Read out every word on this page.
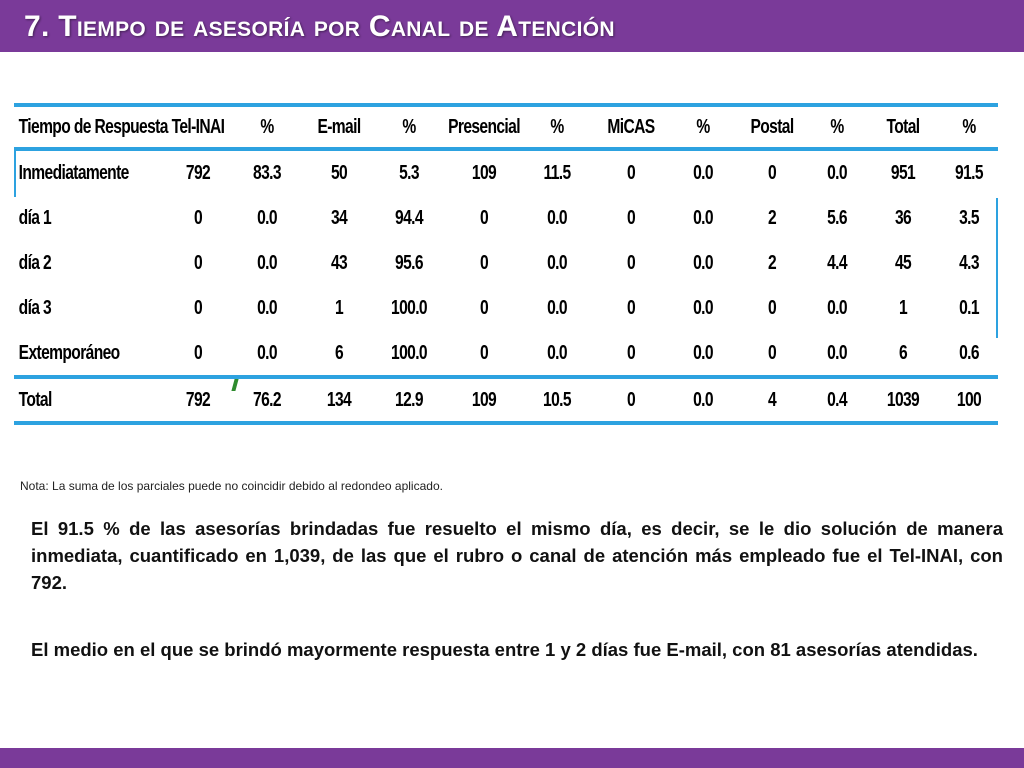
7. Tiempo de asesoría por Canal de Atención
Tiempo de Respuesta Tel-INAI	%	E-mail	%	Presencial	%	MiCAS	%	Postal	%	Total	%
Inmediatamente	792	83.3	50	5.3	109	11.5	0	0.0	0	0.0	951	91.5
día 1	0	0.0	34	94.4	0	0.0	0	0.0	2	5.6	36	3.5
día 2	0	0.0	43	95.6	0	0.0	0	0.0	2	4.4	45	4.3
día 3	0	0.0	1	100.0	0	0.0	0	0.0	0	0.0	1	0.1
Extemporáneo	0	0.0	6	100.0	0	0.0	0	0.0	0	0.0	6	0.6
Total	792	76.2	134	12.9	109	10.5	0	0.0	4	0.4	1039	100
Nota: La suma de los parciales puede no coincidir debido al redondeo aplicado.
El 91.5 % de las asesorías brindadas fue resuelto el mismo día, es decir, se le dio solución de manera inmediata, cuantificado en 1,039, de las que el rubro o canal de atención más empleado fue el Tel-INAI, con 792.
El medio en el que se brindó mayormente respuesta entre 1 y 2 días fue E-mail, con 81 asesorías atendidas.
